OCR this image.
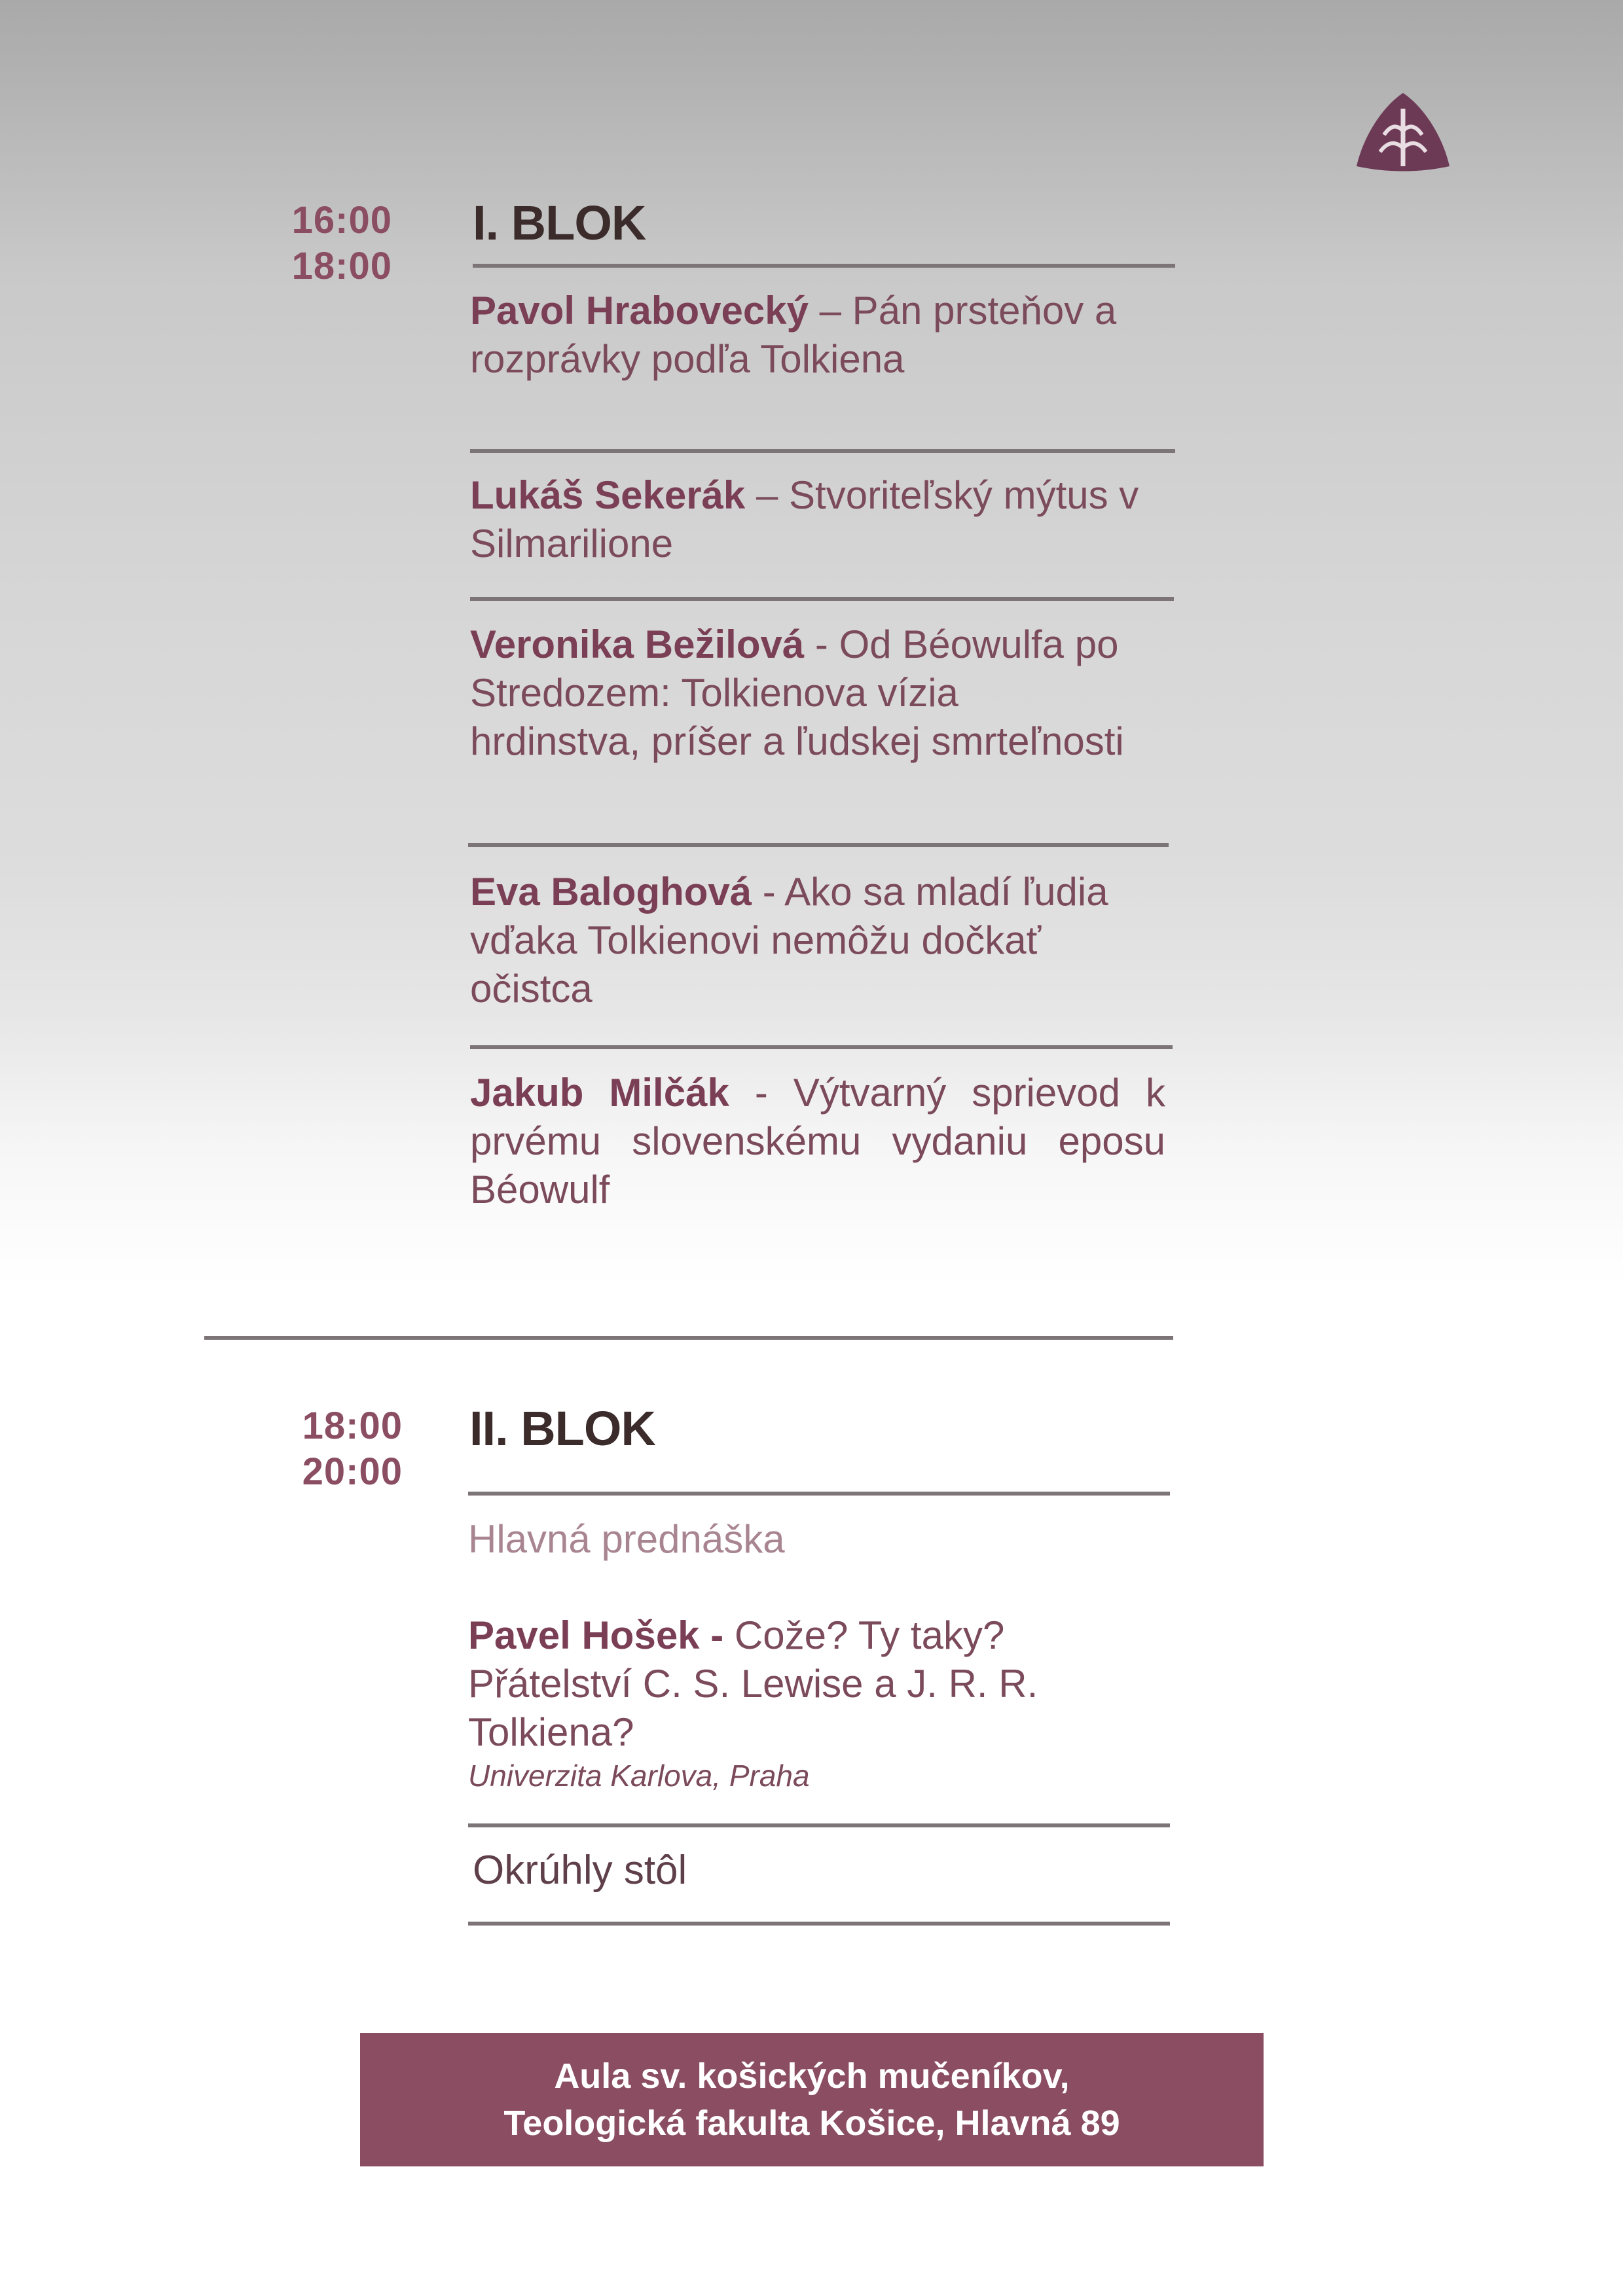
16:00
18:00
I. BLOK
Pavol Hrabovecký – Pán prsteňov a rozprávky podľa Tolkiena
Lukáš Sekerák – Stvoriteľský mýtus v Silmarilione
Veronika Bežilová - Od Béowulfa po Stredozem: Tolkienova vízia hrdinstva, príšer a ľudskej smrteľnosti
Eva Baloghová - Ako sa mladí ľudia vďaka Tolkienovi nemôžu dočkať očistca
Jakub Milčák - Výtvarný sprievod k prvému slovenskému vydaniu eposu Béowulf
18:00
20:00
II. BLOK
Hlavná prednáška
Pavel Hošek - Cože? Ty taky? Přátelství C. S. Lewise a J. R. R. Tolkiena?
Univerzita Karlova, Praha
Okrúhly stôl
Aula sv. košických mučeníkov,
Teologická fakulta Košice, Hlavná 89
